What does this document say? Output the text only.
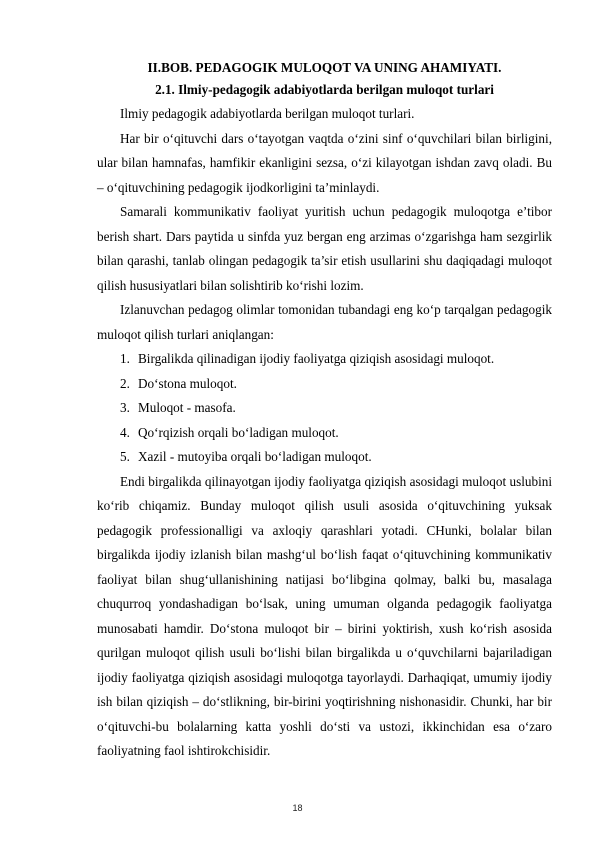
II.BOB. PEDAGOGIK MULOQOT VA UNING AHAMIYATI.
2.1. Ilmiy-pedagogik adabiyotlarda berilgan muloqot turlari

Ilmiy pedagogik adabiyotlarda berilgan muloqot turlari.

Har bir o‘qituvchi dars o‘tayotgan vaqtda o‘zini sinf o‘quvchilari bilan birligini, ular bilan hamnafas, hamfikir ekanligini sezsa, o‘zi kilayotgan ishdan zavq oladi. Bu – o‘qituvchining pedagogik ijodkorligini ta’minlaydi.

Samarali kommunikativ faoliyat yuritish uchun pedagogik muloqotga e’tibor berish shart. Dars paytida u sinfda yuz bergan eng arzimas o‘zgarishga ham sezgirlik bilan qarashi, tanlab olingan pedagogik ta’sir etish usullarini shu daqiqadagi muloqot qilish hususiyatlari bilan solishtirib ko‘rishi lozim.

Izlanuvchan pedagog olimlar tomonidan tubandagi eng ko‘p tarqalgan pedagogik muloqot qilish turlari aniqlangan:

1. Birgalikda qilinadigan ijodiy faoliyatga qiziqish asosidagi muloqot.
2. Do‘stona muloqot.
3. Muloqot - masofa.
4. Qo‘rqizish orqali bo‘ladigan muloqot.
5. Xazil - mutoyiba orqali bo‘ladigan muloqot.

Endi birgalikda qilinayotgan ijodiy faoliyatga qiziqish asosidagi muloqot uslubini ko‘rib chiqamiz. Bunday muloqot qilish usuli asosida o‘qituvchining yuksak pedagogik professionalligi va axloqiy qarashlari yotadi. CHunki, bolalar bilan birgalikda ijodiy izlanish bilan mashg‘ul bo‘lish faqat o‘qituvchining kommunikativ faoliyat bilan shug‘ullanishining natijasi bo‘libgina qolmay, balki bu, masalaga chuqurroq yondashadigan bo‘lsak, uning umuman olganda pedagogik faoliyatga munosabati hamdir. Do‘stona muloqot bir – birini yoktirish, xush ko‘rish asosida qurilgan muloqot qilish usuli bo‘lishi bilan birgalikda u o‘quvchilarni bajariladigan ijodiy faoliyatga qiziqish asosidagi muloqotga tayorlaydi. Darhaqiqat, umumiy ijodiy ish bilan qiziqish – do‘stlikning, bir-birini yoqtirishning nishonasidir. Chunki, har bir o‘qituvchi-bu bolalarning katta yoshli do‘sti va ustozi, ikkinchidan esa o‘zaro faoliyatning faol ishtirokchisidir.

18
